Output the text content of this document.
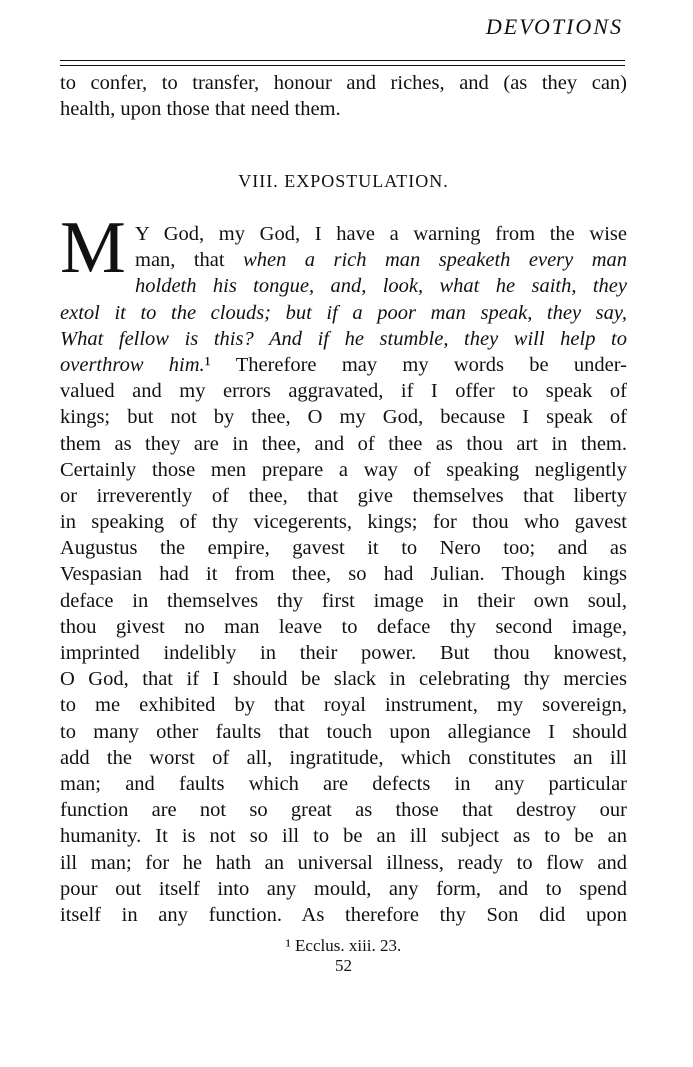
DEVOTIONS
to confer, to transfer, honour and riches, and (as they can)
health, upon those that need them.
VIII. EXPOSTULATION.
M Y God, my God, I have a warning from the wise
man, that when a rich man speaketh every man
holdeth his tongue, and, look, what he saith, they
extol it to the clouds; but if a poor man speak, they say,
What fellow is this? And if he stumble, they will help to
overthrow him.¹ Therefore may my words be under-
valued and my errors aggravated, if I offer to speak of
kings; but not by thee, O my God, because I speak of
them as they are in thee, and of thee as thou art in them.
Certainly those men prepare a way of speaking negligently
or irreverently of thee, that give themselves that liberty
in speaking of thy vicegerents, kings; for thou who gavest
Augustus the empire, gavest it to Nero too; and as
Vespasian had it from thee, so had Julian. Though kings
deface in themselves thy first image in their own soul,
thou givest no man leave to deface thy second image,
imprinted indelibly in their power. But thou knowest,
O God, that if I should be slack in celebrating thy mercies
to me exhibited by that royal instrument, my sovereign,
to many other faults that touch upon allegiance I should
add the worst of all, ingratitude, which constitutes an ill
man; and faults which are defects in any particular
function are not so great as those that destroy our
humanity. It is not so ill to be an ill subject as to be an
ill man; for he hath an universal illness, ready to flow and
pour out itself into any mould, any form, and to spend
itself in any function. As therefore thy Son did upon
¹ Ecclus. xiii. 23.
52
